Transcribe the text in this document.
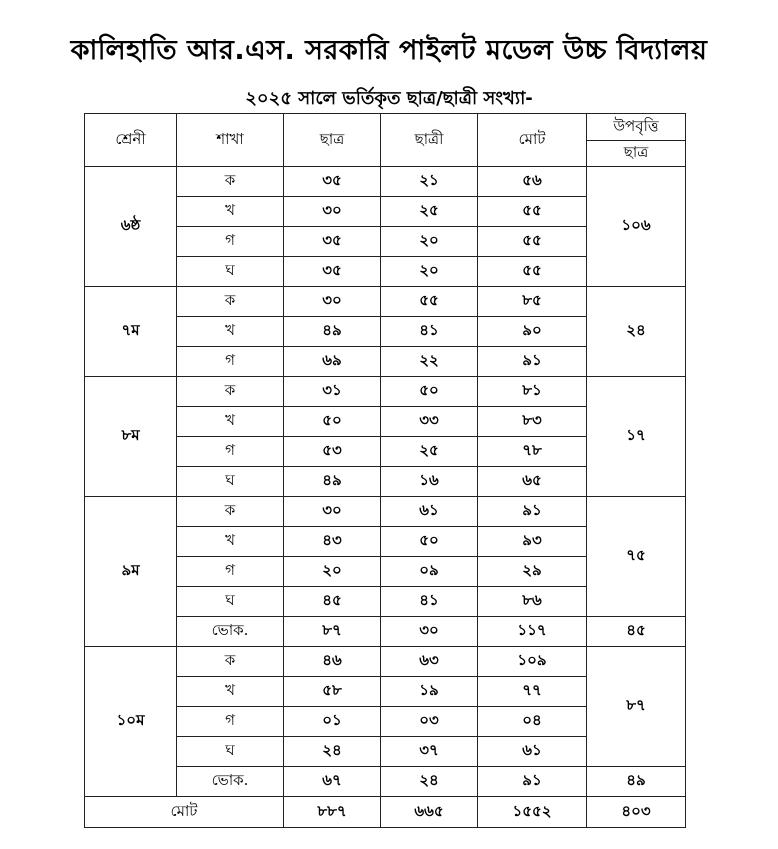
কালিহাতি আর.এস. সরকারি পাইলট মডেল উচ্চ বিদ্যালয়
২০২৫ সালে ভর্তিকৃত ছাত্র/ছাত্রী সংখ্যা-
শ্রেনী	শাখা	ছাত্র	ছাত্রী	মোট	উপবৃত্তি
					ছাত্র
৬ষ্ঠ	ক	৩৫	২১	৫৬	১০৬
	খ	৩০	২৫	৫৫	
	গ	৩৫	২০	৫৫	
	ঘ	৩৫	২০	৫৫	
৭ম	ক	৩০	৫৫	৮৫	২৪
	খ	৪৯	৪১	৯০	
	গ	৬৯	২২	৯১	
৮ম	ক	৩১	৫০	৮১	১৭
	খ	৫০	৩৩	৮৩	
	গ	৫৩	২৫	৭৮	
	ঘ	৪৯	১৬	৬৫	
৯ম	ক	৩০	৬১	৯১	৭৫
	খ	৪৩	৫০	৯৩	
	গ	২০	০৯	২৯	
	ঘ	৪৫	৪১	৮৬	
	ভোক.	৮৭	৩০	১১৭	৪৫
১০ম	ক	৪৬	৬৩	১০৯	৮৭
	খ	৫৮	১৯	৭৭	
	গ	০১	০৩	০৪	
	ঘ	২৪	৩৭	৬১	
	ভোক.	৬৭	২৪	৯১	৪৯
মোট		৮৮৭	৬৬৫	১৫৫২	৪০৩
